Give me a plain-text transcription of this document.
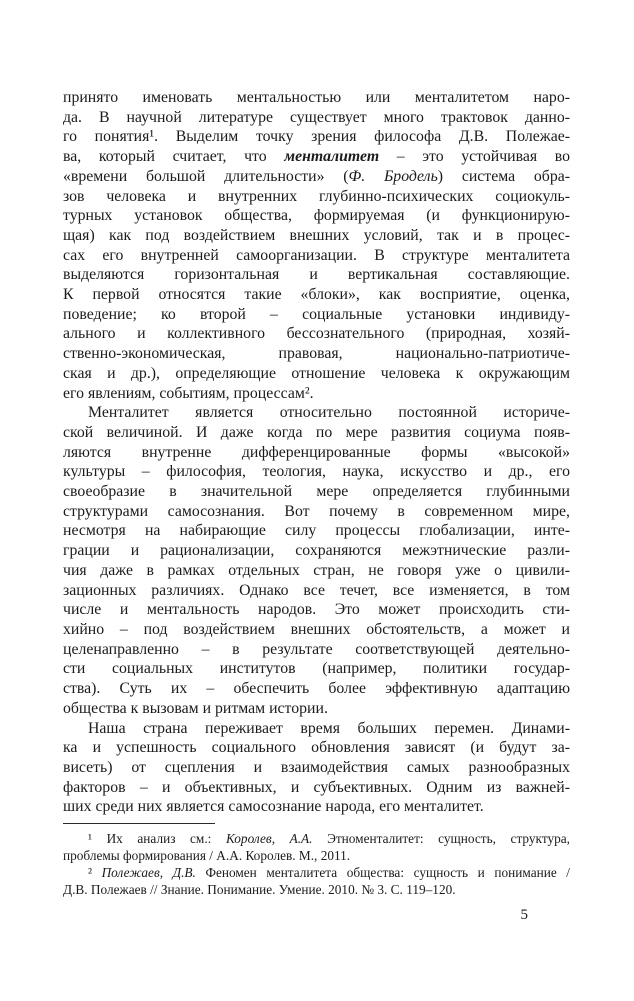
принято именовать ментальностью или менталитетом наро-
да. В научной литературе существует много трактовок данно-
го понятия¹. Выделим точку зрения философа Д.В. Полежае-
ва, который считает, что менталитет – это устойчивая во
«времени большой длительности» (Ф. Бродель) система обра-
зов человека и внутренних глубинно-психических социокуль-
турных установок общества, формируемая (и функционирую-
щая) как под воздействием внешних условий, так и в процес-
сах его внутренней самоорганизации. В структуре менталитета
выделяются горизонтальная и вертикальная составляющие.
К первой относятся такие «блоки», как восприятие, оценка,
поведение; ко второй – социальные установки индивиду-
ального и коллективного бессознательного (природная, хозяй-
ственно-экономическая, правовая, национально-патриотиче-
ская и др.), определяющие отношение человека к окружающим
его явлениям, событиям, процессам².
Менталитет является относительно постоянной историче-
ской величиной. И даже когда по мере развития социума появ-
ляются внутренне дифференцированные формы «высокой»
культуры – философия, теология, наука, искусство и др., его
своеобразие в значительной мере определяется глубинными
структурами самосознания. Вот почему в современном мире,
несмотря на набирающие силу процессы глобализации, инте-
грации и рационализации, сохраняются межэтнические разли-
чия даже в рамках отдельных стран, не говоря уже о цивили-
зационных различиях. Однако все течет, все изменяется, в том
числе и ментальность народов. Это может происходить сти-
хийно – под воздействием внешних обстоятельств, а может и
целенаправленно – в результате соответствующей деятельно-
сти социальных институтов (например, политики государ-
ства). Суть их – обеспечить более эффективную адаптацию
общества к вызовам и ритмам истории.
Наша страна переживает время больших перемен. Динами-
ка и успешность социального обновления зависят (и будут за-
висеть) от сцепления и взаимодействия самых разнообразных
факторов – и объективных, и субъективных. Одним из важней-
ших среди них является самосознание народа, его менталитет.
¹ Их анализ см.: Королев, А.А. Этноменталитет: сущность, структура,
проблемы формирования / А.А. Королев. М., 2011.
² Полежаев, Д.В. Феномен менталитета общества: сущность и понимание /
Д.В. Полежаев // Знание. Понимание. Умение. 2010. № 3. С. 119–120.
5
